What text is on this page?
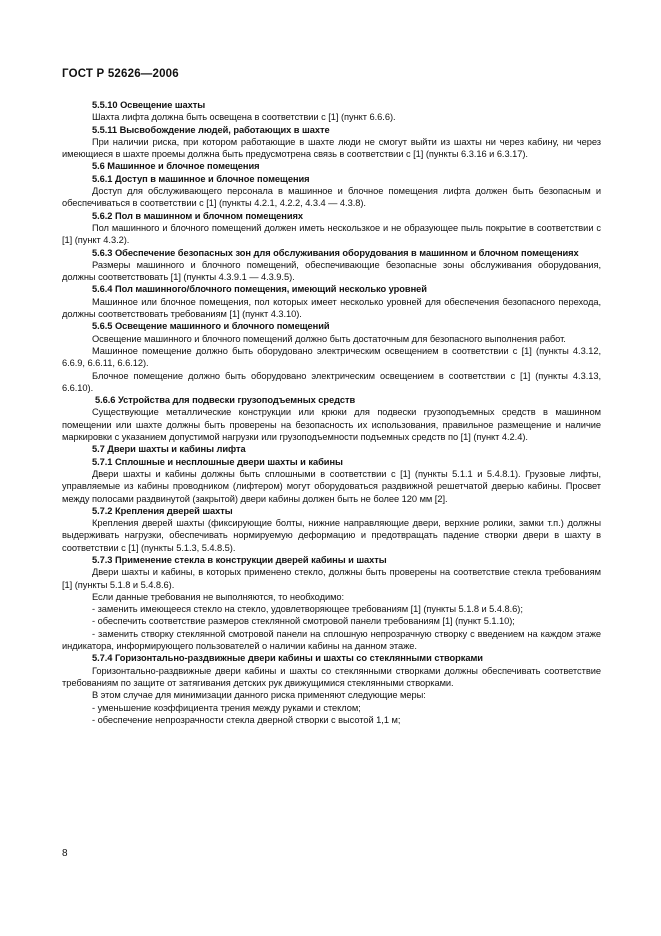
ГОСТ Р 52626—2006

5.5.10 Освещение шахты

Шахта лифта должна быть освещена в соответствии с [1] (пункт 6.6.6).

5.5.11 Высвобождение людей, работающих в шахте

При наличии риска, при котором работающие в шахте люди не смогут выйти из шахты ни через кабину, ни через имеющиеся в шахте проемы должна быть предусмотрена связь в соответствии с [1] (пункты 6.3.16 и 6.3.17).

5.6 Машинное и блочное помещения

5.6.1 Доступ в машинное и блочное помещения

Доступ для обслуживающего персонала в машинное и блочное помещения лифта должен быть безопасным и обеспечиваться в соответствии с [1] (пункты 4.2.1, 4.2.2, 4.3.4 — 4.3.8).

5.6.2 Пол в машинном и блочном помещениях

Пол машинного и блочного помещений должен иметь нескользкое и не образующее пыль покрытие в соответствии с [1] (пункт 4.3.2).

5.6.3 Обеспечение безопасных зон для обслуживания оборудования в машинном и блочном помещениях

Размеры машинного и блочного помещений, обеспечивающие безопасные зоны обслуживания оборудования, должны соответствовать [1] (пункты 4.3.9.1 — 4.3.9.5).

5.6.4 Пол машинного/блочного помещения, имеющий несколько уровней

Машинное или блочное помещения, пол которых имеет несколько уровней для обеспечения безопасного перехода, должны соответствовать требованиям [1] (пункт 4.3.10).

5.6.5 Освещение машинного и блочного помещений

Освещение машинного и блочного помещений должно быть достаточным для безопасного выполнения работ.

Машинное помещение должно быть оборудовано электрическим освещением в соответствии с [1] (пункты 4.3.12, 6.6.9, 6.6.11, 6.6.12).

Блочное помещение должно быть оборудовано электрическим освещением в соответствии с [1] (пункты 4.3.13, 6.6.10).

5.6.6 Устройства для подвески грузоподъемных средств

Существующие металлические конструкции или крюки для подвески грузоподъемных средств в машинном помещении или шахте должны быть проверены на безопасность их использования, правильное размещение и наличие маркировки с указанием допустимой нагрузки или грузоподъемности подъемных средств по [1] (пункт 4.2.4).

5.7 Двери шахты и кабины лифта

5.7.1 Сплошные и несплошные двери шахты и кабины

Двери шахты и кабины должны быть сплошными в соответствии с [1] (пункты 5.1.1 и 5.4.8.1). Грузовые лифты, управляемые из кабины проводником (лифтером) могут оборудоваться раздвижной решетчатой дверью кабины. Просвет между полосами раздвинутой (закрытой) двери кабины должен быть не более 120 мм [2].

5.7.2 Крепления дверей шахты

Крепления дверей шахты (фиксирующие болты, нижние направляющие двери, верхние ролики, замки т.п.) должны выдерживать нагрузки, обеспечивать нормируемую деформацию и предотвращать падение створки двери в шахту в соответствии с [1] (пункты 5.1.3, 5.4.8.5).

5.7.3 Применение стекла в конструкции дверей кабины и шахты

Двери шахты и кабины, в которых применено стекло, должны быть проверены на соответствие стекла требованиям [1] (пункты 5.1.8 и 5.4.8.6).

Если данные требования не выполняются, то необходимо:

- заменить имеющееся стекло на стекло, удовлетворяющее требованиям [1] (пункты 5.1.8 и 5.4.8.6);

- обеспечить соответствие размеров стеклянной смотровой панели требованиям [1] (пункт 5.1.10);

- заменить створку стеклянной смотровой панели на сплошную непрозрачную створку с введением на каждом этаже индикатора, информирующего пользователей о наличии кабины на данном этаже.

5.7.4 Горизонтально-раздвижные двери кабины и шахты со стеклянными створками

Горизонтально-раздвижные двери кабины и шахты со стеклянными створками должны обеспечивать соответствие требованиям по защите от затягивания детских рук движущимися стеклянными створками.

В этом случае для минимизации данного риска применяют следующие меры:

- уменьшение коэффициента трения между руками и стеклом;

- обеспечение непрозрачности стекла дверной створки с высотой 1,1 м;

8
